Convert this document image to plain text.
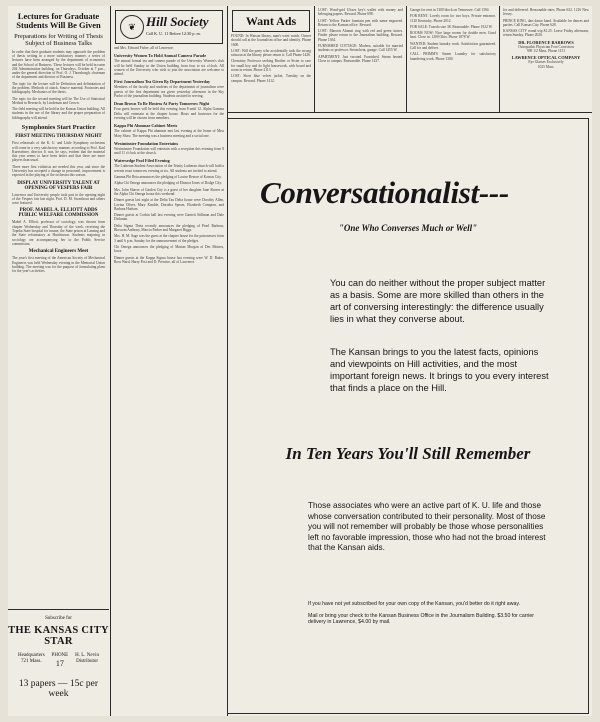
Lectures for Graduate Students Will Be Given
Preparations for Writing of Thesis Subject of Business Talks

In order that their graduate students may approach the problem of thesis writing in a more satisfactory manner, a series of lectures have been arranged by the department of economics and the School of Business. These lectures will be held in room 204 Administration building, on Thursdays, October at 7 p.m., under the general direction of Prof. O. J. Thornburgh, chairman of the department and director of Business.

The topic for the lecture will be Definition and delimitation of the problem. Methods of attack. Source material. Footnotes and bibliography. Mechanics of the thesis.

The topic for the second meeting will be The Use of Statistical Method in Research, by Lindeman and Crown.

The field meeting will be held in the Kansas Union building. All students in the use of the library and the proper preparation of bibliography will attend.

Symphonies Start Practice
FIRST MEETING THURSDAY NIGHT

First rehearsals of the K. U. and Little Symphony orchestras will come in a very satisfactory manner, according to Prof. Karl Kuersteiner, director. It was, he says, evident that the material this year seems to have been better and that there are more players than usual.

Three more first violinists are needed this year, and since the University has accepted a change in personnel, improvement is expected in the playing of the orchestra this season.

DISPLAY UNIVERSITY TALENT AT OPENING OF VESPERS FAIR

Lawrence and University people took part in the opening night of the Vespers fair last night. Prof. D. M. Swarthout and others were featured.

PROF. MABEL A. ELLIOTT ADDS PUBLIC WELFARE COMMISSION

Mabel A. Elliott, professor of sociology, was chosen from chapter Wednesday and Thursday of the week, receiving the Topeka State hospital for insane, the State prison at Lansing and the State reformatory at Hutchinson. Students majoring in sociology are accompanying her to the Public Service commission.

Mechanical Engineers Meet

The year's first meeting of the American Society of Mechanical Engineers was held Wednesday evening in the Memorial Union building. The meeting was for the purpose of formulating plans for the year's activities.

Subscribe for
THE KANSAS CITY STAR
Headquarters
721 Mass.
PHONE
17
H. L. Nevin
Distributor
13 papers — 15c per week
❦ Hill Society
Call K. U. 11 Before 12:30 p. m.

and Mrs. Edward Fisher, all of Lawrence.

University Women To Hold Annual Camera Parade

The annual formal tea and camera parade of the University Women's club will be held Sunday in the Union building from four to six o'clock. All women of the University who wish to join the association are welcome to attend.

First Journalism Tea Given By Department Yesterday

Members of the faculty and students of the department of journalism were guests of the first department tea given yesterday afternoon in the Sky Parlor of the journalism building. Students assisted in serving.

Dean Brown To Be Hostess At Party Tomorrow Night

Four guest houses will be held this evening from 8 until 12. Alpha Gamma Delta will entertain at the chapter house. Hosts and hostesses for the evening will be chosen from members.

Kappa Phi Alumnae Cabinet Meets

The cabinet of Kappa Phi alumnae met last evening at the home of Miss Mary Shaw. The meeting was a business meeting and a social one.

Westminster Foundation Entertains

Westminster Foundation will entertain with a reception this evening from 8 until 11 o'clock at the church.

Watersedge Pool Filed Evening

The Lutheran Student Association of the Trinity Lutheran church will hold a weenie roast tomorrow evening at six. All students are invited to attend.

Gamma Phi Beta announces the pledging of Louise Reasor of Kansas City.

Alpha Chi Omega announces the pledging of Eleanor Jones of Dodge City.

Mrs. John Shaver of Garden City is a guest of her daughter Jane Shaver at the Alpha Chi Omega house this weekend.

Dinner guests last night at the Delta Tau Delta house were Dorothy Allen, Lavina Oliver, Mary Kimble, Dorotha Spears, Elizabeth Compton, and Barbara Hudson.

Dinner guests at Corbin hall last evening were Garnett Stillman and Dale Dickman.

Delta Sigma Theta recently announces the pledging of Pearl Barbour, Blossom Anthony, Marcia Parker and Margaret Riggs.

Mrs. H. M. Sage was the guest at the chapter house for the patronesses from 3 until 6 p.m. Sunday for the announcement of the pledges.

Chi Omega announces the pledging of Marian Morgan of Des Moines, Iowa.

Dinner guests at the Kappa Sigma house last evening were W. D. Baker, Ross Ward, Harry Post and D. Prentice, all of Lawrence.

Want Ads

FOUND: In Watson library, man's wrist watch. Owner should call at the Journalism office and identify. Phone 1600.

LOST: Will the party who accidentally took the wrong raincoat at the library please return it. Call Phone 1426.

Chemistry Professor seeking Brother or Sister to care for small boy and do light housework, with board and room in return. Phone 2113.

LOST: Short blue velvet jacket, Tuesday on the campus. Reward. Phone 1412.

LOST: Wood-grid Ulsses key's wallet with money and belonging papers. Reward. Phone 698.

LOST: Yellow Parker fountain pen with name engraved. Return to the Kansan office. Reward.

LOST: Maroon Alumni ring with red and green stones. Finder please return to the Journalism building. Reward. Phone 1364.

FURNISHED COTTAGE: Modern, suitable for married students or professor. Steam heat, garage. Call 1455 W.

APARTMENT: Just vacated. Furnished. Steam heated. Close to campus. Reasonable. Phone 1437.

Garage for rent in 1300 block on Tennessee. Call 1394.

FOR RENT: Lovely room for two boys. Private entrance. 1120 Kentucky. Phone 2012.

FOR SALE: Tuxedo size 38. Reasonable. Phone 1922 W.

ROOMS NOW: Nice large rooms for double men. Good heat. Close in. 1200 Ohio. Phone 1878 W.

WANTED: Student laundry work. Satisfaction guaranteed. Call for and deliver.

CALL PRIMM'S Steam Laundry for satisfactory laundering work. Phone 1300.

for and delivered. Reasonable rates. Phone 632. 1216 New Jersey.

PRINCE KING, dart dance band. Available for dances and parties. Call Kansas City. Phone 628.

KANSAS CITY round trip $1.25. Leave Friday afternoon, return Sunday. Phone 2026.

DR. FLORENCE BARROWS
Osteopathic Physician Foot Correction
909 1/2 Mass. Phone 1151
LAWRENCE OPTICAL COMPANY
Eye Glasses Exclusively
1025 Mass.
Conversationalist---
"One Who Converses Much or Well"
You can do neither without the proper subject matter as a basis. Some are more skilled than others in the art of conversing interestingly: the difference usually lies in what they converse about.
The Kansan brings to you the latest facts, opinions and viewpoints on Hill activities, and the most important foreign news. It brings to you every interest that finds a place on the Hill.
In Ten Years You'll Still Remember
Those associates who were an active part of K. U. life and those whose conversation contributed to their personality. Most of those you will not remember will probably be those whose personalities left no favorable impression, those who had not the broad interest that the Kansan aids.
If you have not yet subscribed for your own copy of the Kansan, you'd better do it right away.
Mail or bring your check to the Kansan Business Office in the Journalism Building. $3.50 for carrier delivery in Lawrence, $4.00 by mail.
